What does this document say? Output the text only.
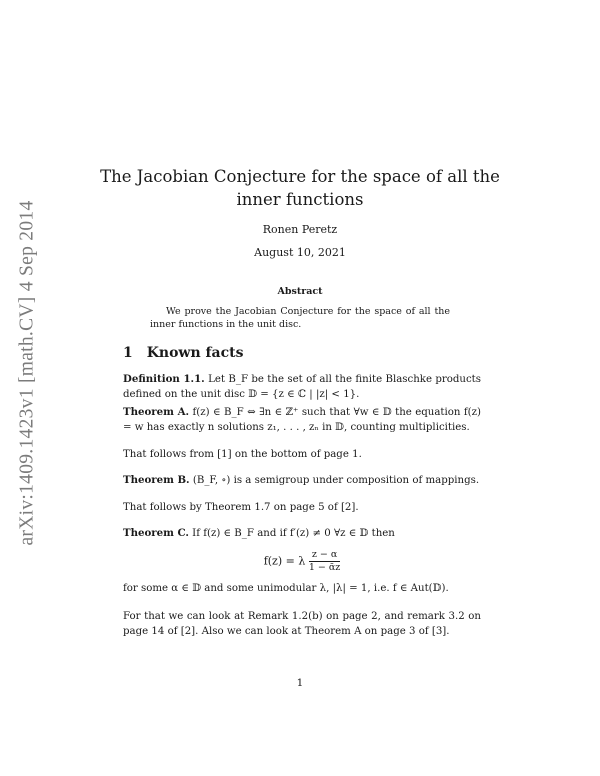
arXiv:1409.1423v1 [math.CV] 4 Sep 2014
The Jacobian Conjecture for the space of all the
inner functions
Ronen Peretz
August 10, 2021
Abstract
We prove the Jacobian Conjecture for the space of all the inner functions in the unit disc.
1 Known facts

Definition 1.1. Let B_F be the set of all the finite Blaschke products defined on the unit disc 𝔻 = {z ∈ ℂ | |z| < 1}.

Theorem A. f(z) ∈ B_F ⇔ ∃n ∈ ℤ⁺ such that ∀w ∈ 𝔻 the equation f(z) = w has exactly n solutions z₁, . . . , zₙ in 𝔻, counting multiplicities.

That follows from [1] on the bottom of page 1.

Theorem B. (B_F, ∘) is a semigroup under composition of mappings.

That follows by Theorem 1.7 on page 5 of [2].

Theorem C. If f(z) ∈ B_F and if f′(z) ≠ 0 ∀z ∈ 𝔻 then

f(z) = λ $\frac{z - \alpha}{\text{1 − ᾱz}}$

for some α ∈ 𝔻 and some unimodular λ, |λ| = 1, i.e. f ∈ Aut(𝔻).

For that we can look at Remark 1.2(b) on page 2, and remark 3.2 on page 14 of [2]. Also we can look at Theorem A on page 3 of [3].

1
